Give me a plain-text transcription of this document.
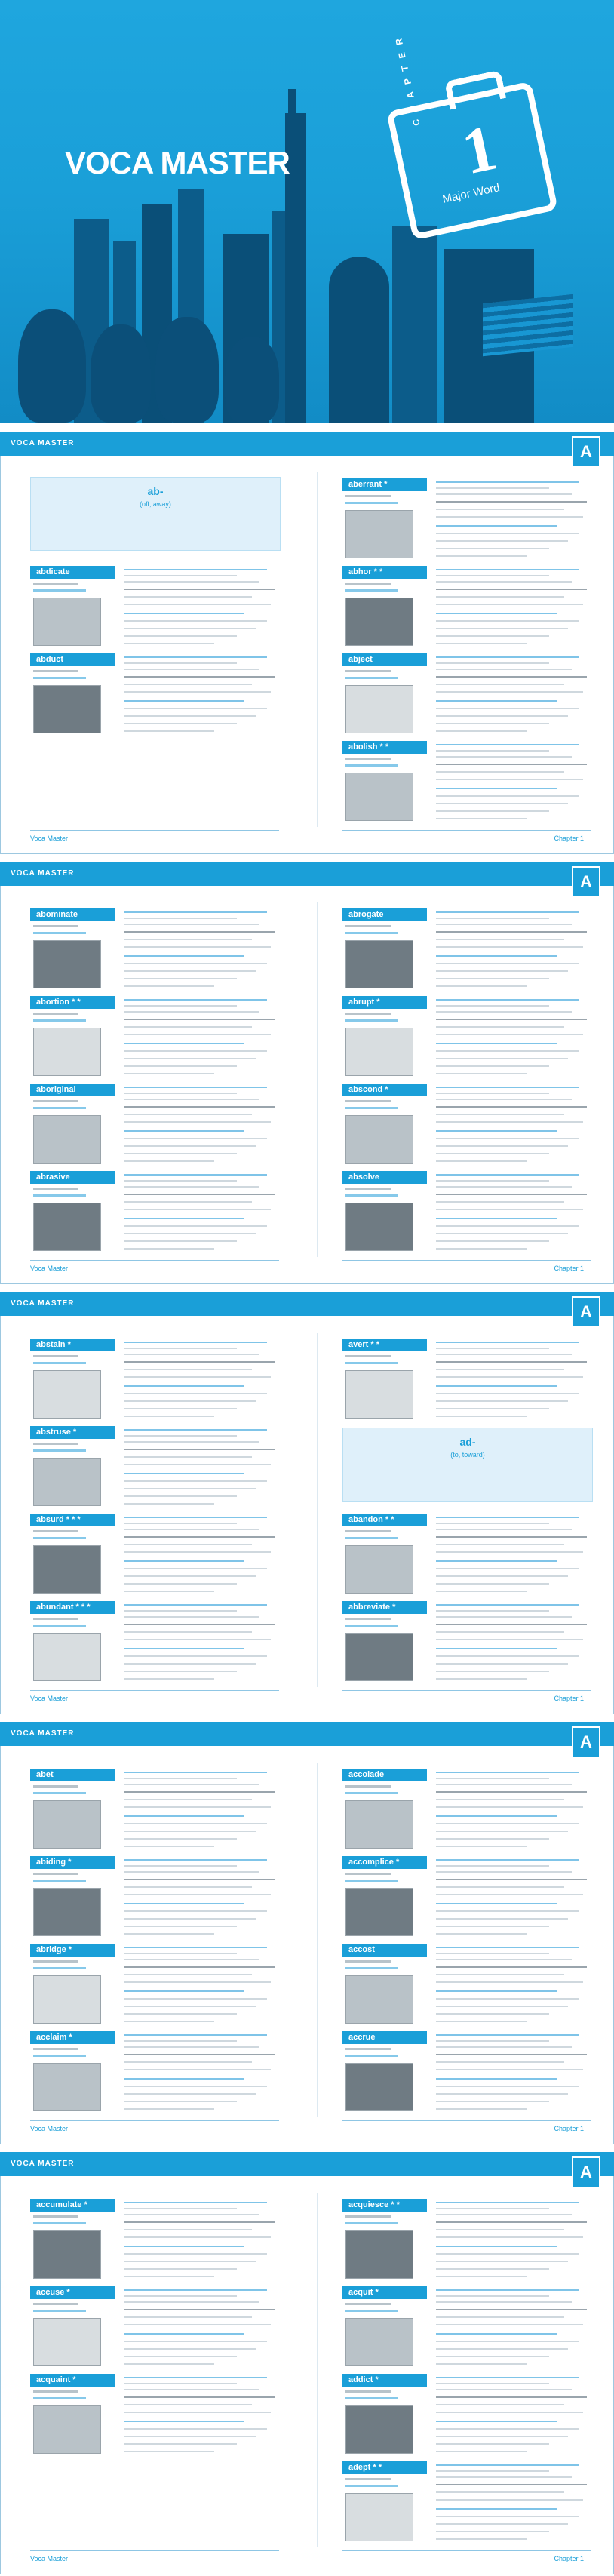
VOCA MASTER
CHAPTER
1
Major Word
VOCA MASTER	A
ab-
(off, away)
abdicate
abduct
aberrant *
abhor * *
abject
abolish * *
Voca Master	Chapter 1
VOCA MASTER	A
abominate
abortion * *
aboriginal
abrasive
abrogate
abrupt *
abscond *
absolve
Voca Master	Chapter 1
VOCA MASTER	A
ad-
(to, toward)
abstain *
abstruse *
absurd * * *
abundant * * *
avert * *
abandon * *
abbreviate *
Voca Master	Chapter 1
VOCA MASTER	A
abet
abiding *
abridge *
acclaim *
accolade
accomplice *
accost
accrue
Voca Master	Chapter 1
VOCA MASTER	A
accumulate *
accuse *
acquaint *
acquiesce * *
acquit *
addict *
adept * *
Voca Master	Chapter 1
